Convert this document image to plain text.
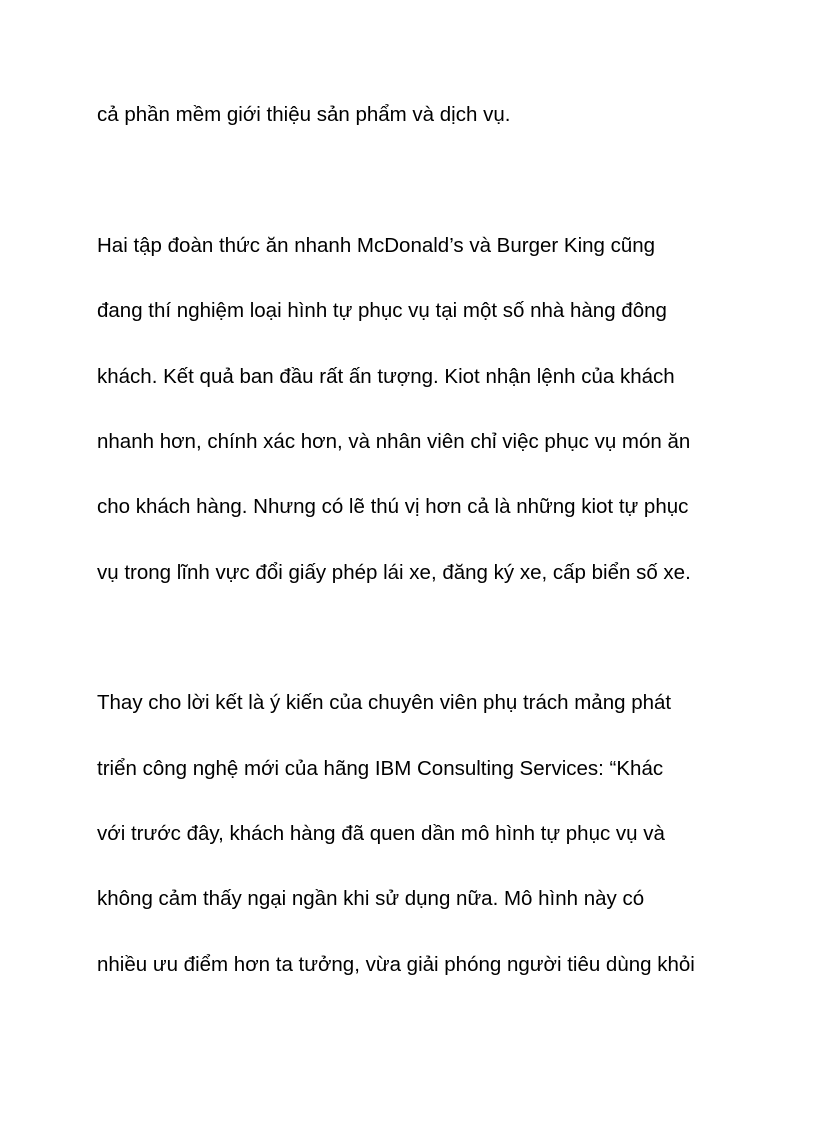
cả phần mềm giới thiệu sản phẩm và dịch vụ.

Hai tập đoàn thức ăn nhanh McDonald’s và Burger King cũng

đang thí nghiệm loại hình tự phục vụ tại một số nhà hàng đông

khách. Kết quả ban đầu rất ấn tượng. Kiot nhận lệnh của khách

nhanh hơn, chính xác hơn, và nhân viên chỉ việc phục vụ món ăn

cho khách hàng. Nhưng có lẽ thú vị hơn cả là những kiot tự phục

vụ trong lĩnh vực đổi giấy phép lái xe, đăng ký xe, cấp biển số xe.

Thay cho lời kết là ý kiến của chuyên viên phụ trách mảng phát

triển công nghệ mới của hãng IBM Consulting Services: “Khác

với trước đây, khách hàng đã quen dần mô hình tự phục vụ và

không cảm thấy ngại ngần khi sử dụng nữa. Mô hình này có

nhiều ưu điểm hơn ta tưởng, vừa giải phóng người tiêu dùng khỏi
